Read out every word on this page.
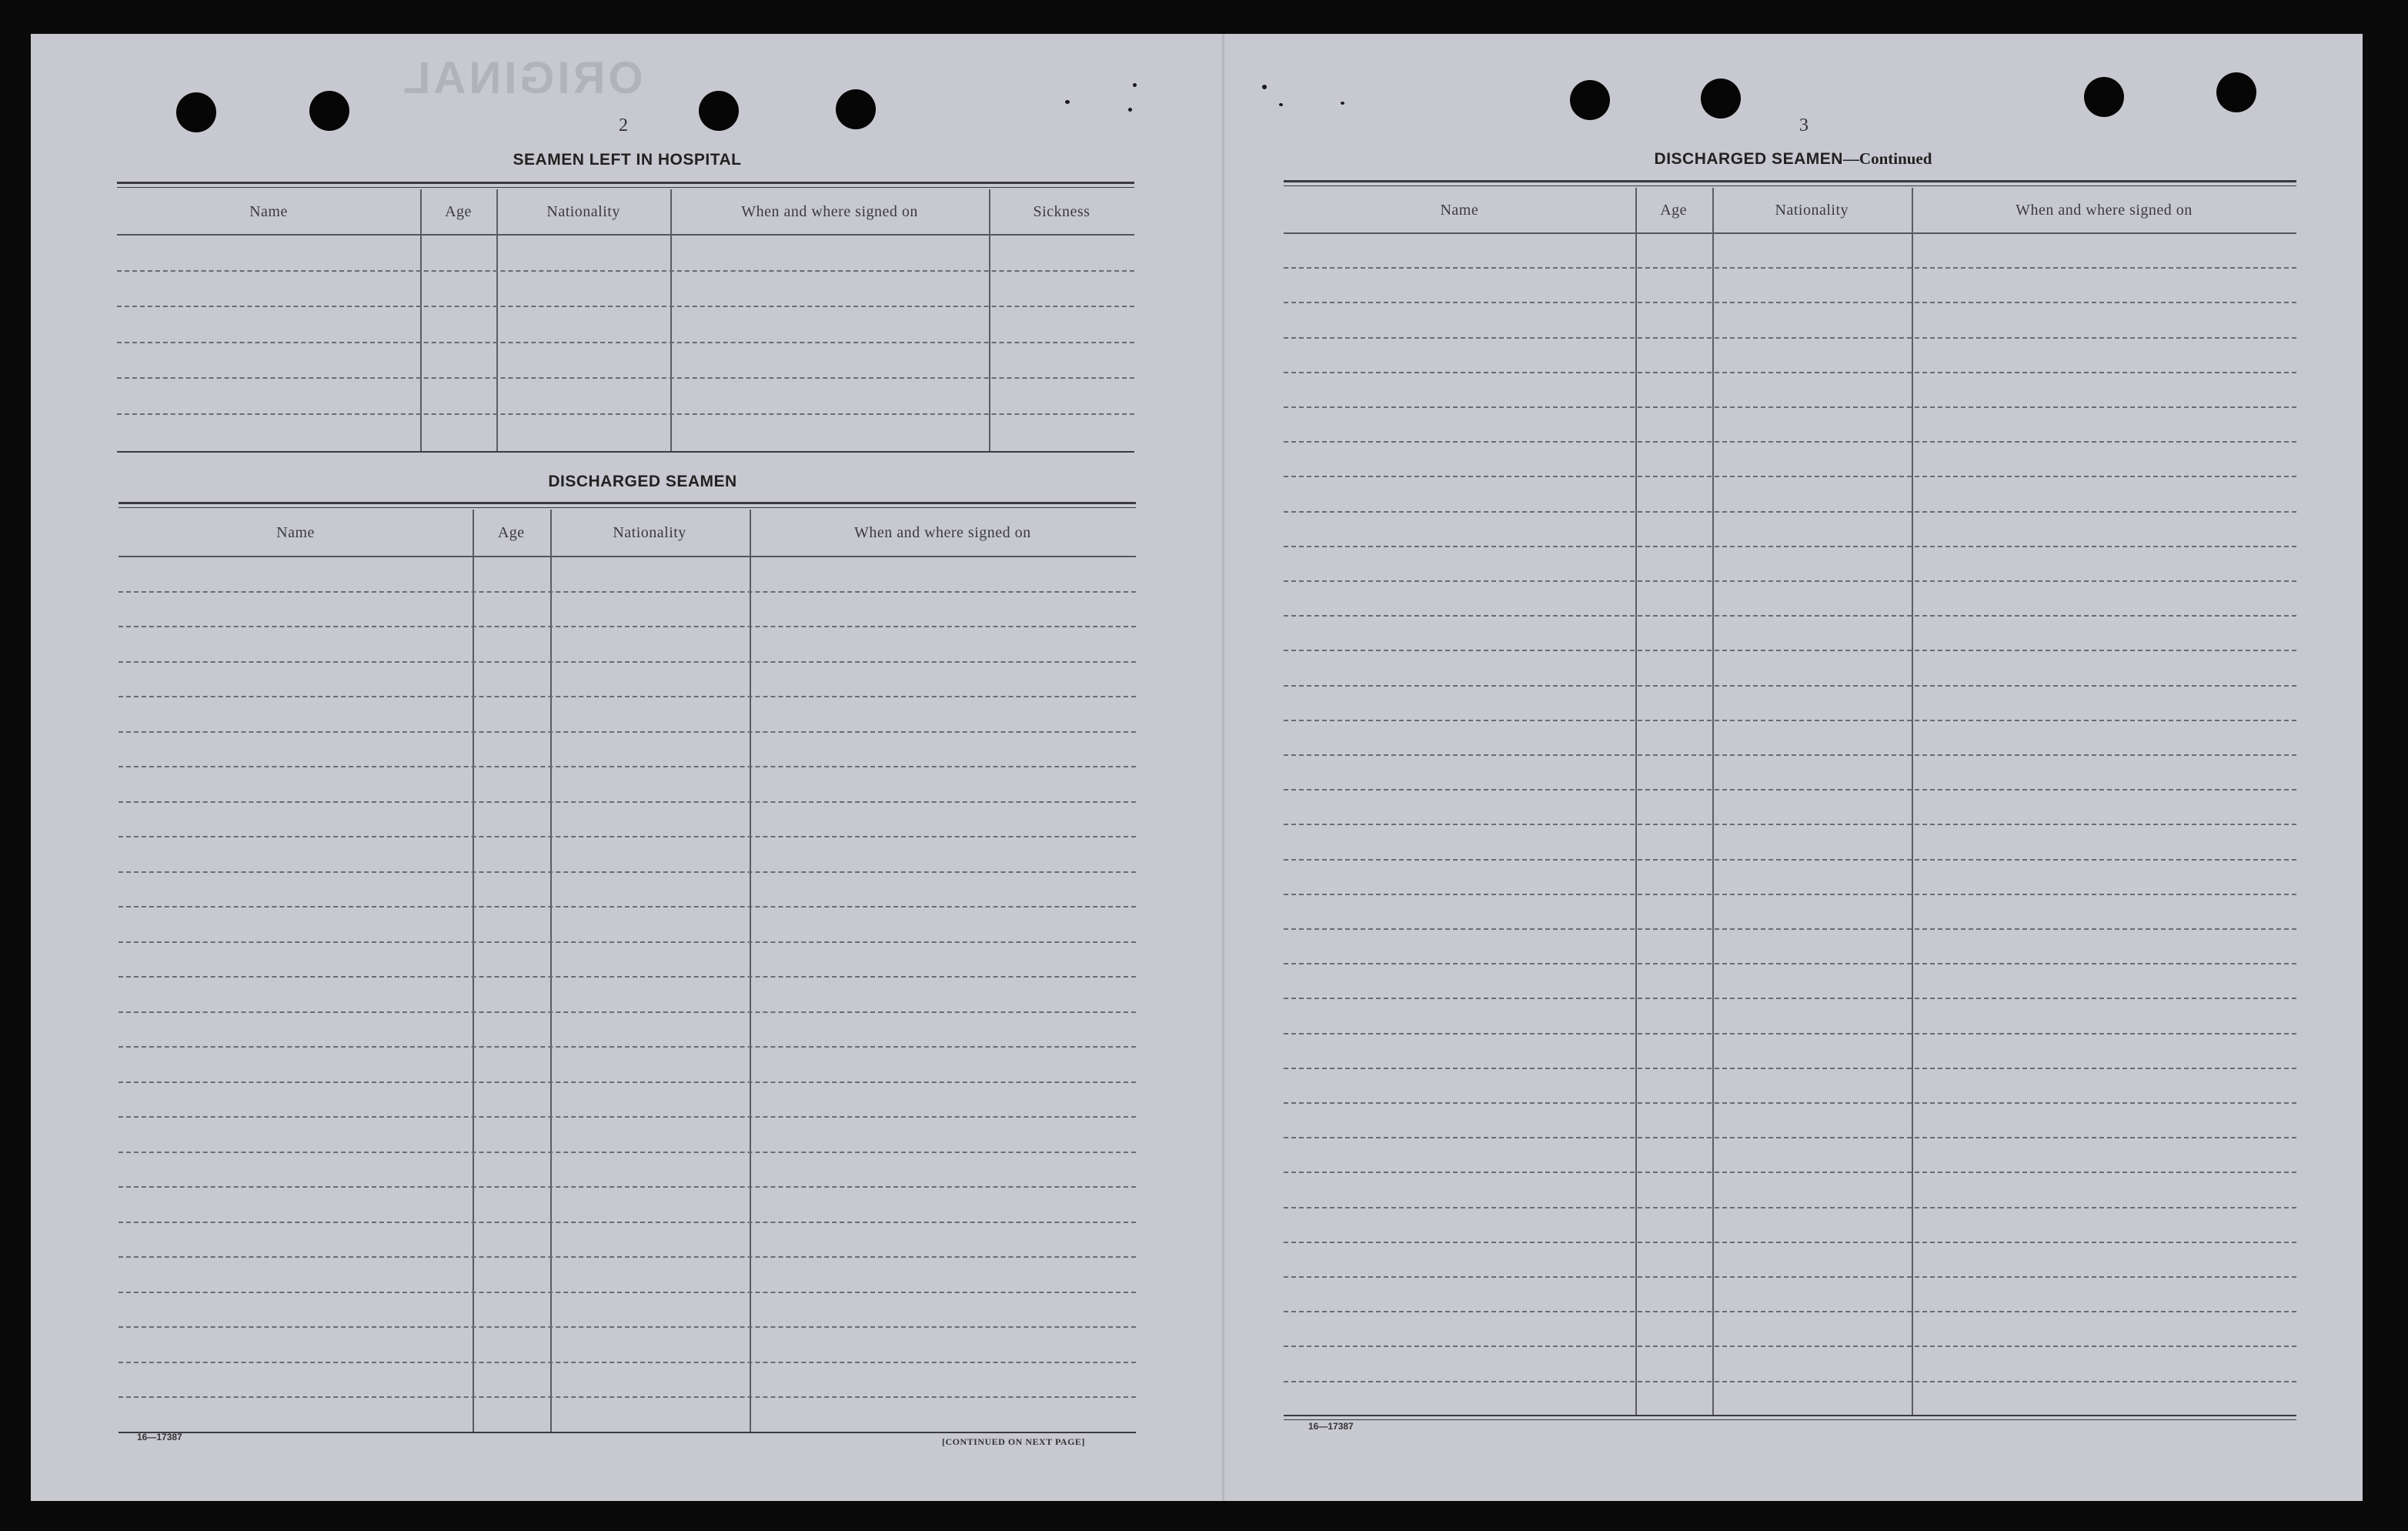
ORIGINAL
2
SEAMEN LEFT IN HOSPITAL
Name	Age	Nationality	When and where signed on	Sickness
DISCHARGED SEAMEN
Name	Age	Nationality	When and where signed on
16—17387	[CONTINUED ON NEXT PAGE]
3
DISCHARGED SEAMEN—Continued
Name	Age	Nationality	When and where signed on
16—17387
